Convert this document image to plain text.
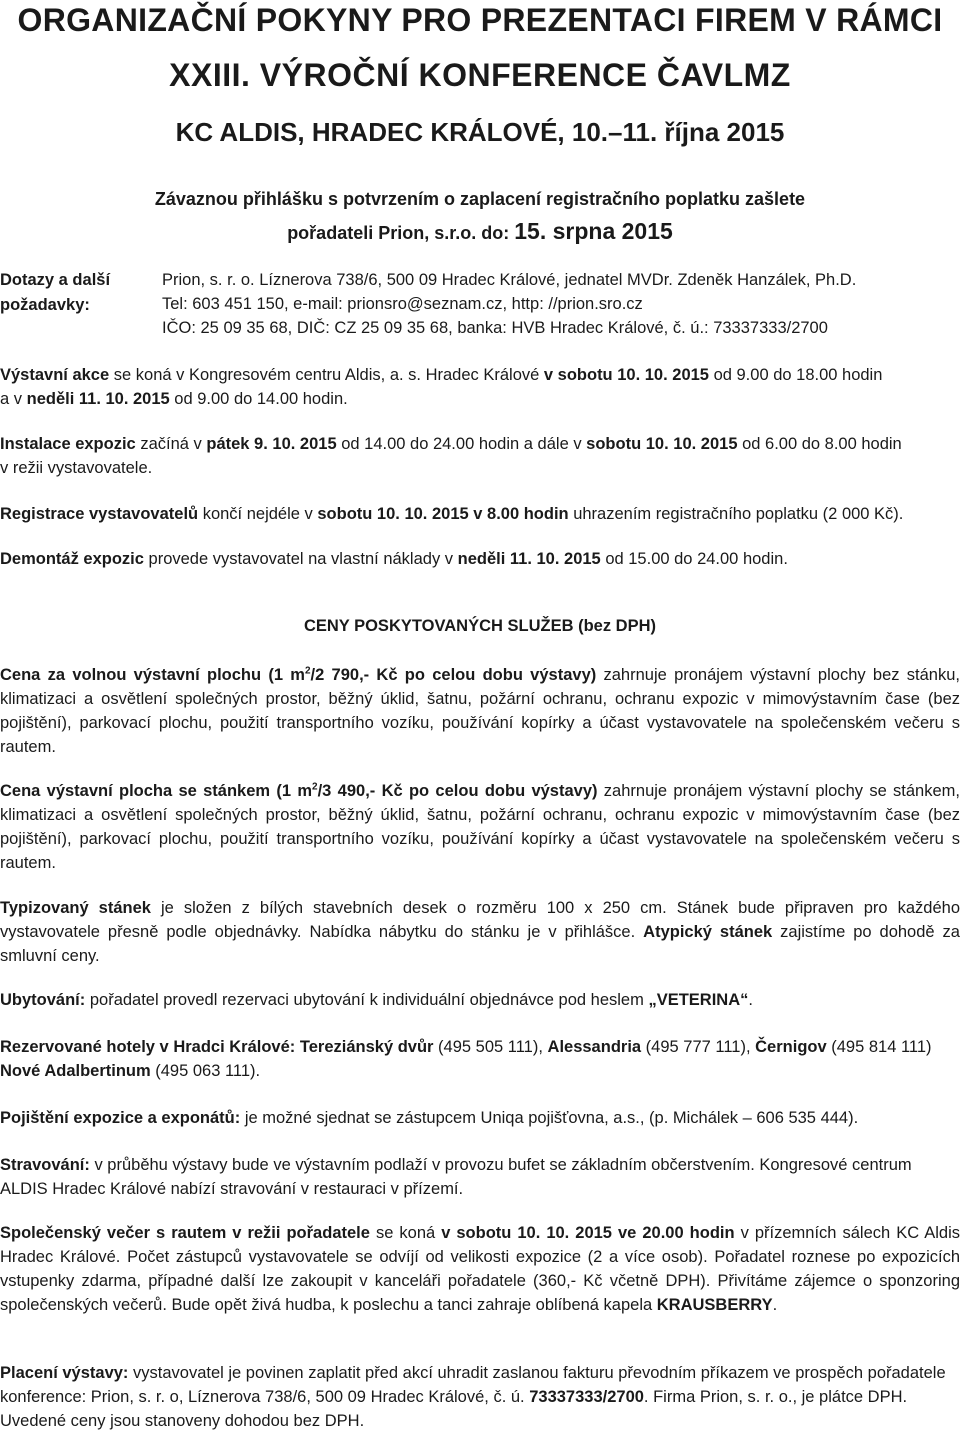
ORGANIZAČNÍ POKYNY PRO PREZENTACI FIREM V RÁMCI
XXIII. VÝROČNÍ KONFERENCE ČAVLMZ
KC ALDIS, HRADEC KRÁLOVÉ, 10.–11. října 2015
Závaznou přihlášku s potvrzením o zaplacení registračního poplatku zašlete
pořadateli Prion, s.r.o. do: 15. srpna 2015
Dotazy a další
požadavky:
Prion, s. r. o. Líznerova 738/6, 500 09 Hradec Králové, jednatel MVDr. Zdeněk Hanzálek, Ph.D.
Tel: 603 451 150, e-mail: prionsro@seznam.cz, http: //prion.sro.cz
IČO: 25 09 35 68, DIČ: CZ 25 09 35 68, banka: HVB Hradec Králové, č. ú.: 73337333/2700
Výstavní akce se koná v Kongresovém centru Aldis, a. s. Hradec Králové v sobotu 10. 10. 2015 od 9.00 do 18.00 hodin
a v neděli 11. 10. 2015 od 9.00 do 14.00 hodin.
Instalace expozic začíná v pátek 9. 10. 2015 od 14.00 do 24.00 hodin a dále v sobotu 10. 10. 2015 od 6.00 do 8.00 hodin
v režii vystavovatele.
Registrace vystavovatelů končí nejdéle v sobotu 10. 10. 2015 v 8.00 hodin uhrazením registračního poplatku (2 000 Kč).
Demontáž expozic provede vystavovatel na vlastní náklady v neděli 11. 10. 2015 od 15.00 do 24.00 hodin.
CENY POSKYTOVANÝCH SLUŽEB (bez DPH)
Cena za volnou výstavní plochu (1 $m^2/2$ 790,- Kč po celou dobu výstavy) zahrnuje pronájem výstavní plochy bez stánku, klimatizaci a osvětlení společných prostor, běžný úklid, šatnu, požární ochranu, ochranu expozic v mimovýstavním čase (bez pojištění), parkovací plochu, použití transportního vozíku, používání kopírky a účast vystavovatele na společenském večeru s rautem.
Cena výstavní plocha se stánkem (1 $m^2/3$ 490,- Kč po celou dobu výstavy) zahrnuje pronájem výstavní plochy se stánkem, klimatizaci a osvětlení společných prostor, běžný úklid, šatnu, požární ochranu, ochranu expozic v mimovýstavním čase (bez pojištění), parkovací plochu, použití transportního vozíku, používání kopírky a účast vystavovatele na společenském večeru s rautem.
Typizovaný stánek je složen z bílých stavebních desek o rozměru 100 x 250 cm. Stánek bude připraven pro každého vystavovatele přesně podle objednávky. Nabídka nábytku do stánku je v přihlášce. Atypický stánek zajistíme po dohodě za smluvní ceny.
Ubytování: pořadatel provedl rezervaci ubytování k individuální objednávce pod heslem „VETERINA“.
Rezervované hotely v Hradci Králové: Tereziánský dvůr (495 505 111), Alessandria (495 777 111), Černigov (495 814 111) Nové Adalbertinum (495 063 111).
Pojištění expozice a exponátů: je možné sjednat se zástupcem Uniqa pojišťovna, a.s., (p. Michálek – 606 535 444).
Stravování: v průběhu výstavy bude ve výstavním podlaží v provozu bufet se základním občerstvením. Kongresové centrum ALDIS Hradec Králové nabízí stravování v restauraci v přízemí.
Společenský večer s rautem v režii pořadatele se koná v sobotu 10. 10. 2015 ve 20.00 hodin v přízemních sálech KC Aldis Hradec Králové. Počet zástupců vystavovatele se odvíjí od velikosti expozice (2 a více osob). Pořadatel roznese po expozicích vstupenky zdarma, případné další lze zakoupit v kanceláři pořadatele (360,- Kč včetně DPH). Přivítáme zájemce o sponzoring společenských večerů. Bude opět živá hudba, k poslechu a tanci zahraje oblíbená kapela KRAUSBERRY.
Placení výstavy: vystavovatel je povinen zaplatit před akcí uhradit zaslanou fakturu převodním příkazem ve prospěch pořadatele konference: Prion, s. r. o, Líznerova 738/6, 500 09 Hradec Králové, č. ú. 73337333/2700. Firma Prion, s. r. o., je plátce DPH. Uvedené ceny jsou stanoveny dohodou bez DPH.
